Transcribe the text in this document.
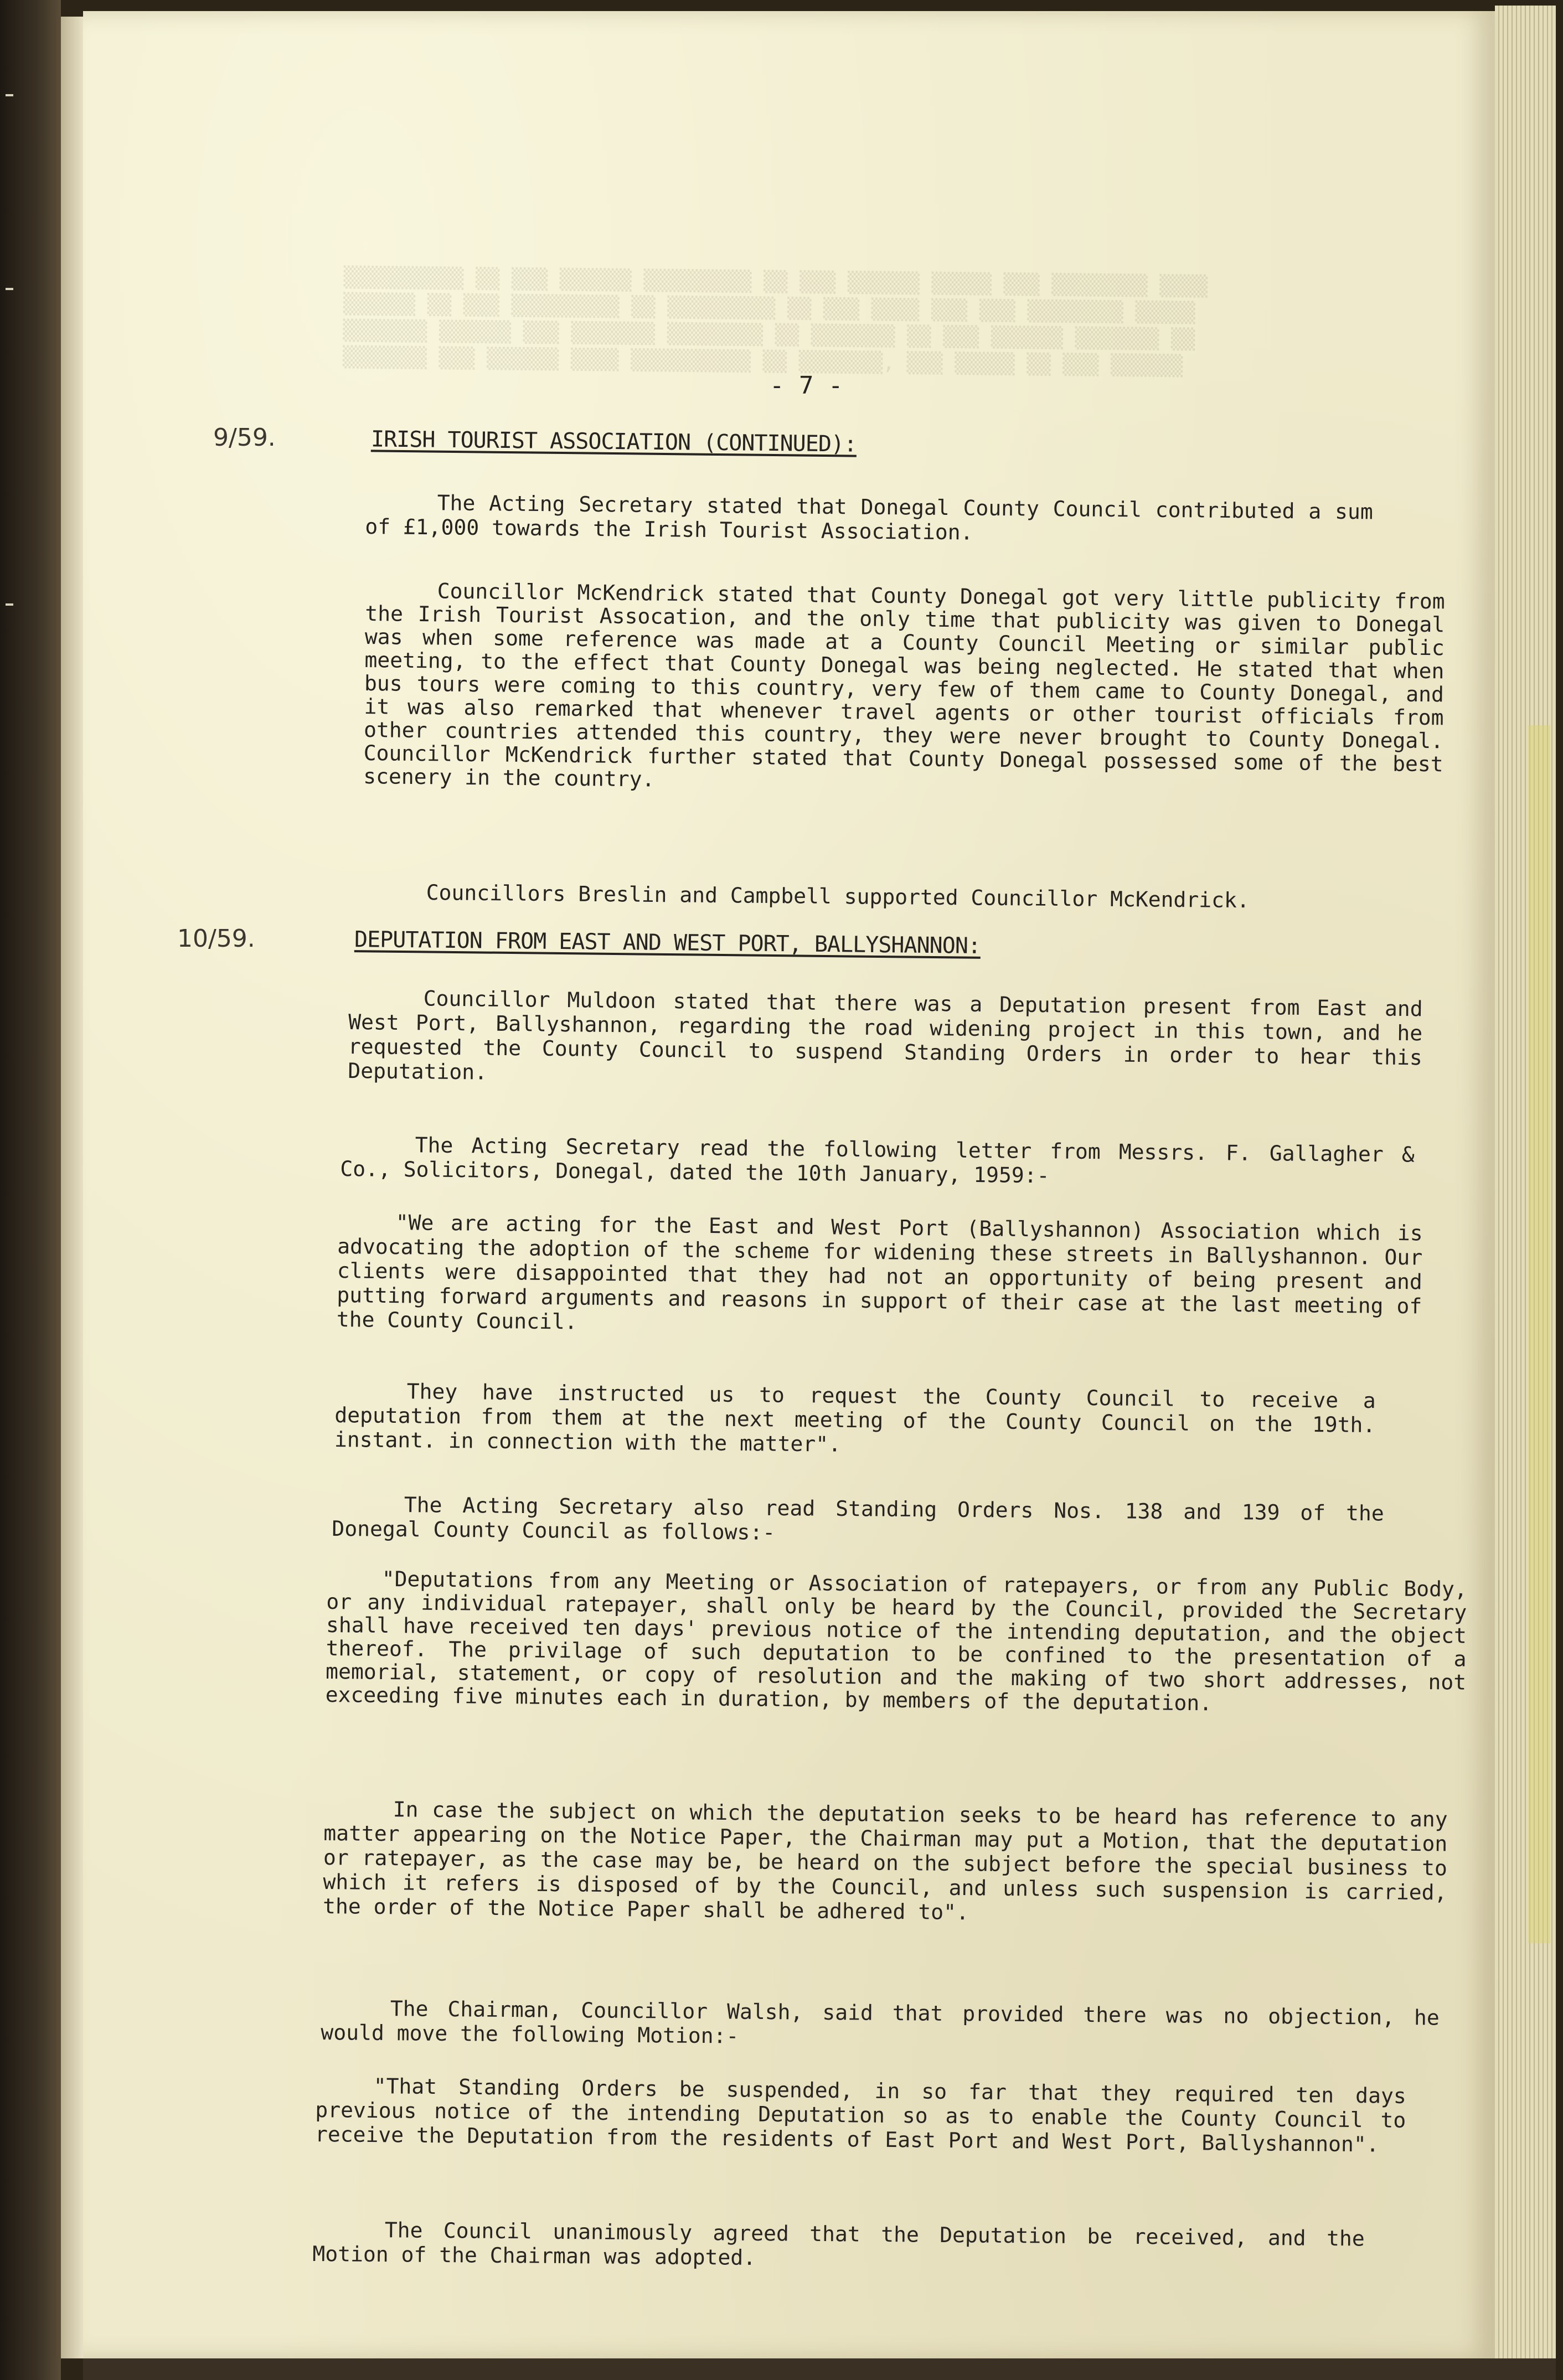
▒▒▒▒▒▒▒▒▒▒ ▒▒ ▒▒▒ ▒▒▒▒▒▒ ▒▒▒▒▒▒▒▒▒ ▒▒ ▒▒▒ ▒▒▒▒▒▒ ▒▒▒▒▒ ▒▒▒ ▒▒▒▒▒▒▒▒ ▒▒▒▒
▒▒▒▒▒▒ ▒▒ ▒▒▒ ▒▒▒▒▒▒▒▒▒ ▒▒ ▒▒▒▒▒▒▒▒▒ ▒▒ ▒▒▒ ▒▒▒▒ ▒▒▒ ▒▒▒ ▒▒▒▒▒▒▒▒ ▒▒▒▒▒
▒▒▒▒▒▒▒ ▒▒▒▒▒▒ ▒▒▒ ▒▒▒▒▒▒▒ ▒▒▒▒▒▒▒▒ ▒▒ ▒▒▒▒▒▒▒ ▒▒ ▒▒▒ ▒▒▒▒▒▒ ▒▒▒▒▒▒▒ ▒▒
▒▒▒▒▒▒▒ ▒▒▒ ▒▒▒▒▒▒ ▒▒▒▒ ▒▒▒▒▒▒▒▒▒▒ ▒▒ ▒▒▒▒▒▒▒, ▒▒▒ ▒▒▒▒▒ ▒▒ ▒▒▒ ▒▒▒▒▒▒

- 7 -
9/59.	IRISH TOURIST ASSOCIATION (CONTINUED):

The Acting Secretary stated that Donegal County Council contributed a sum of £1,000 towards the Irish Tourist Association.

Councillor McKendrick stated that County Donegal got very little publicity from the Irish Tourist Assocation, and the only time that publicity was given to Donegal was when some reference was made at a County Council Meeting or similar public meeting, to the effect that County Donegal was being neglected. He stated that when bus tours were coming to this country, very few of them came to County Donegal, and it was also remarked that whenever travel agents or other tourist officials from other countries attended this country, they were never brought to County Donegal. Councillor McKendrick further stated that County Donegal possessed some of the best scenery in the country.

Councillors Breslin and Campbell supported Councillor McKendrick.

10/59.	DEPUTATION FROM EAST AND WEST PORT, BALLYSHANNON:

Councillor Muldoon stated that there was a Deputation present from East and West Port, Ballyshannon, regarding the road widening project in this town, and he requested the County Council to suspend Standing Orders in order to hear this Deputation.

The Acting Secretary read the following letter from Messrs. F. Gallagher & Co., Solicitors, Donegal, dated the 10th January, 1959:-

"We are acting for the East and West Port (Ballyshannon) Association which is advocating the adoption of the scheme for widening these streets in Ballyshannon. Our clients were disappointed that they had not an opportunity of being present and putting forward arguments and reasons in support of their case at the last meeting of the County Council.

They have instructed us to request the County Council to receive a deputation from them at the next meeting of the County Council on the 19th. instant. in connection with the matter".

The Acting Secretary also read Standing Orders Nos. 138 and 139 of the Donegal County Council as follows:-

"Deputations from any Meeting or Association of ratepayers, or from any Public Body, or any individual ratepayer, shall only be heard by the Council, provided the Secretary shall have received ten days' previous notice of the intending deputation, and the object thereof. The privilage of such deputation to be confined to the presentation of a memorial, statement, or copy of resolution and the making of two short addresses, not exceeding five minutes each in duration, by members of the deputation.

In case the subject on which the deputation seeks to be heard has reference to any matter appearing on the Notice Paper, the Chairman may put a Motion, that the deputation or ratepayer, as the case may be, be heard on the subject before the special business to which it refers is disposed of by the Council, and unless such suspension is carried, the order of the Notice Paper shall be adhered to".

The Chairman, Councillor Walsh, said that provided there was no objection, he would move the following Motion:-

"That Standing Orders be suspended, in so far that they required ten days previous notice of the intending Deputation so as to enable the County Council to receive the Deputation from the residents of East Port and West Port, Ballyshannon".

The Council unanimously agreed that the Deputation be received, and the Motion of the Chairman was adopted.
